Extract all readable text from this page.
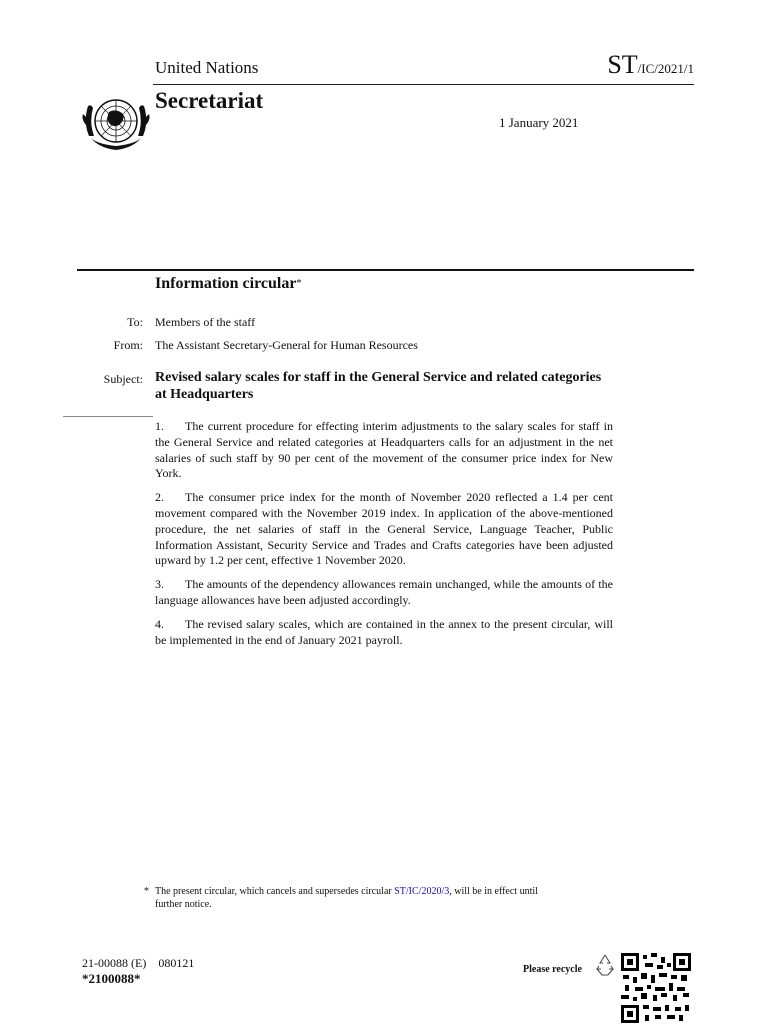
United Nations	ST/IC/2021/1
Secretariat
1 January 2021
Information circular*
To: Members of the staff
From: The Assistant Secretary-General for Human Resources
Subject: Revised salary scales for staff in the General Service and related categories at Headquarters

1. The current procedure for effecting interim adjustments to the salary scales for staff in the General Service and related categories at Headquarters calls for an adjustment in the net salaries of such staff by 90 per cent of the movement of the consumer price index for New York.

2. The consumer price index for the month of November 2020 reflected a 1.4 per cent movement compared with the November 2019 index. In application of the above-mentioned procedure, the net salaries of staff in the General Service, Language Teacher, Public Information Assistant, Security Service and Trades and Crafts categories have been adjusted upward by 1.2 per cent, effective 1 November 2020.

3. The amounts of the dependency allowances remain unchanged, while the amounts of the language allowances have been adjusted accordingly.

4. The revised salary scales, which are contained in the annex to the present circular, will be implemented in the end of January 2021 payroll.

* The present circular, which cancels and supersedes circular ST/IC/2020/3, will be in effect until
further notice.
21-00088 (E)    080121
*2100088*
Please recycle
